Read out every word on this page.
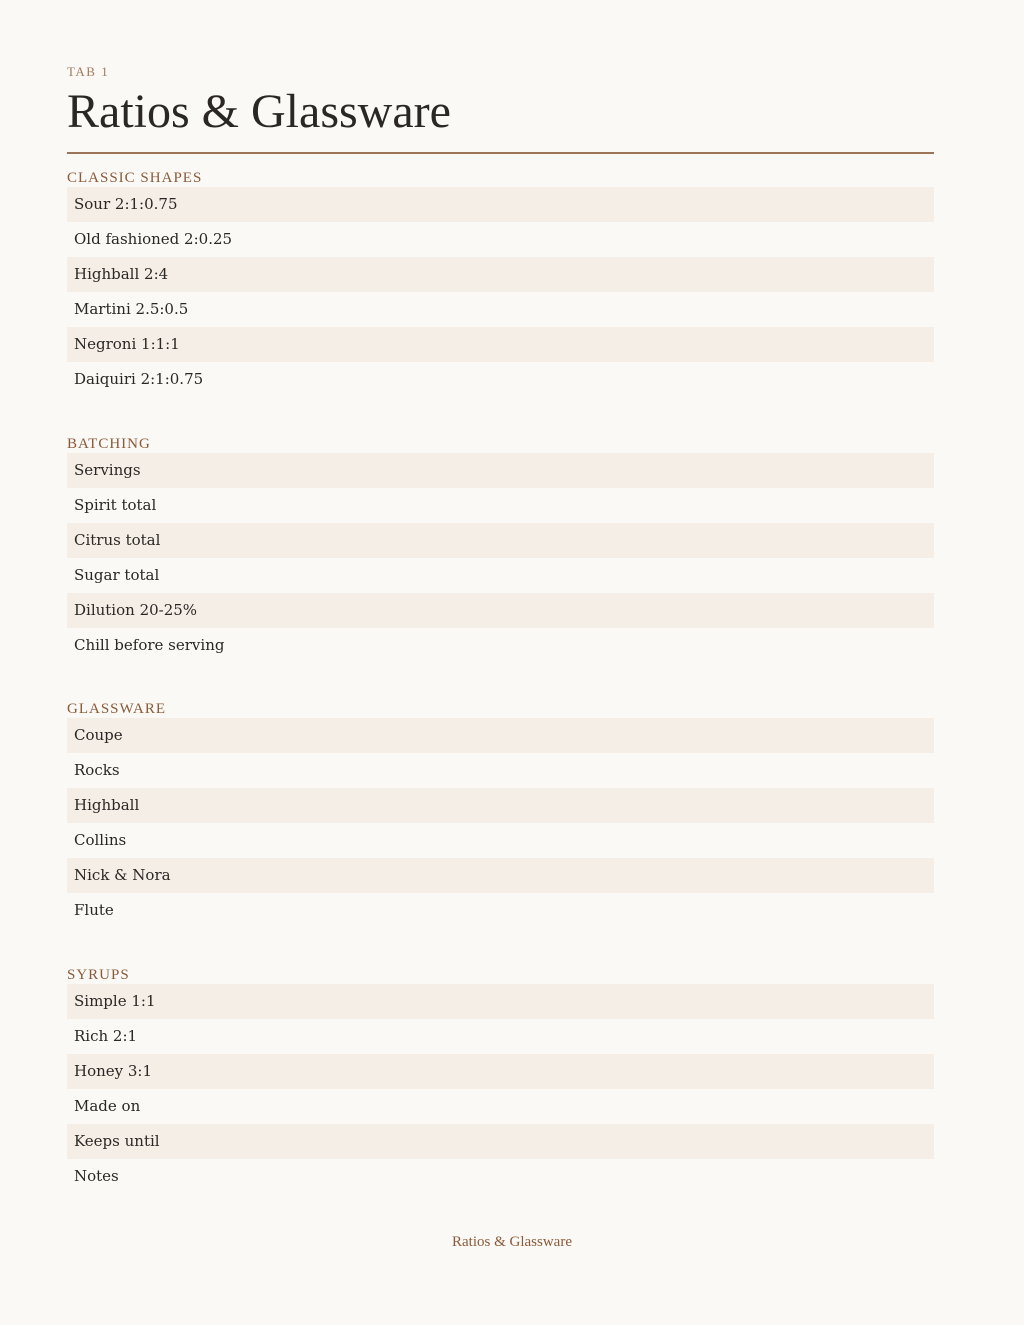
TAB 1
Ratios & Glassware
CLASSIC SHAPES
Sour 2:1:0.75
Old fashioned 2:0.25
Highball 2:4
Martini 2.5:0.5
Negroni 1:1:1
Daiquiri 2:1:0.75
BATCHING
Servings
Spirit total
Citrus total
Sugar total
Dilution 20-25%
Chill before serving
GLASSWARE
Coupe
Rocks
Highball
Collins
Nick & Nora
Flute
SYRUPS
Simple 1:1
Rich 2:1
Honey 3:1
Made on
Keeps until
Notes
Ratios & Glassware
